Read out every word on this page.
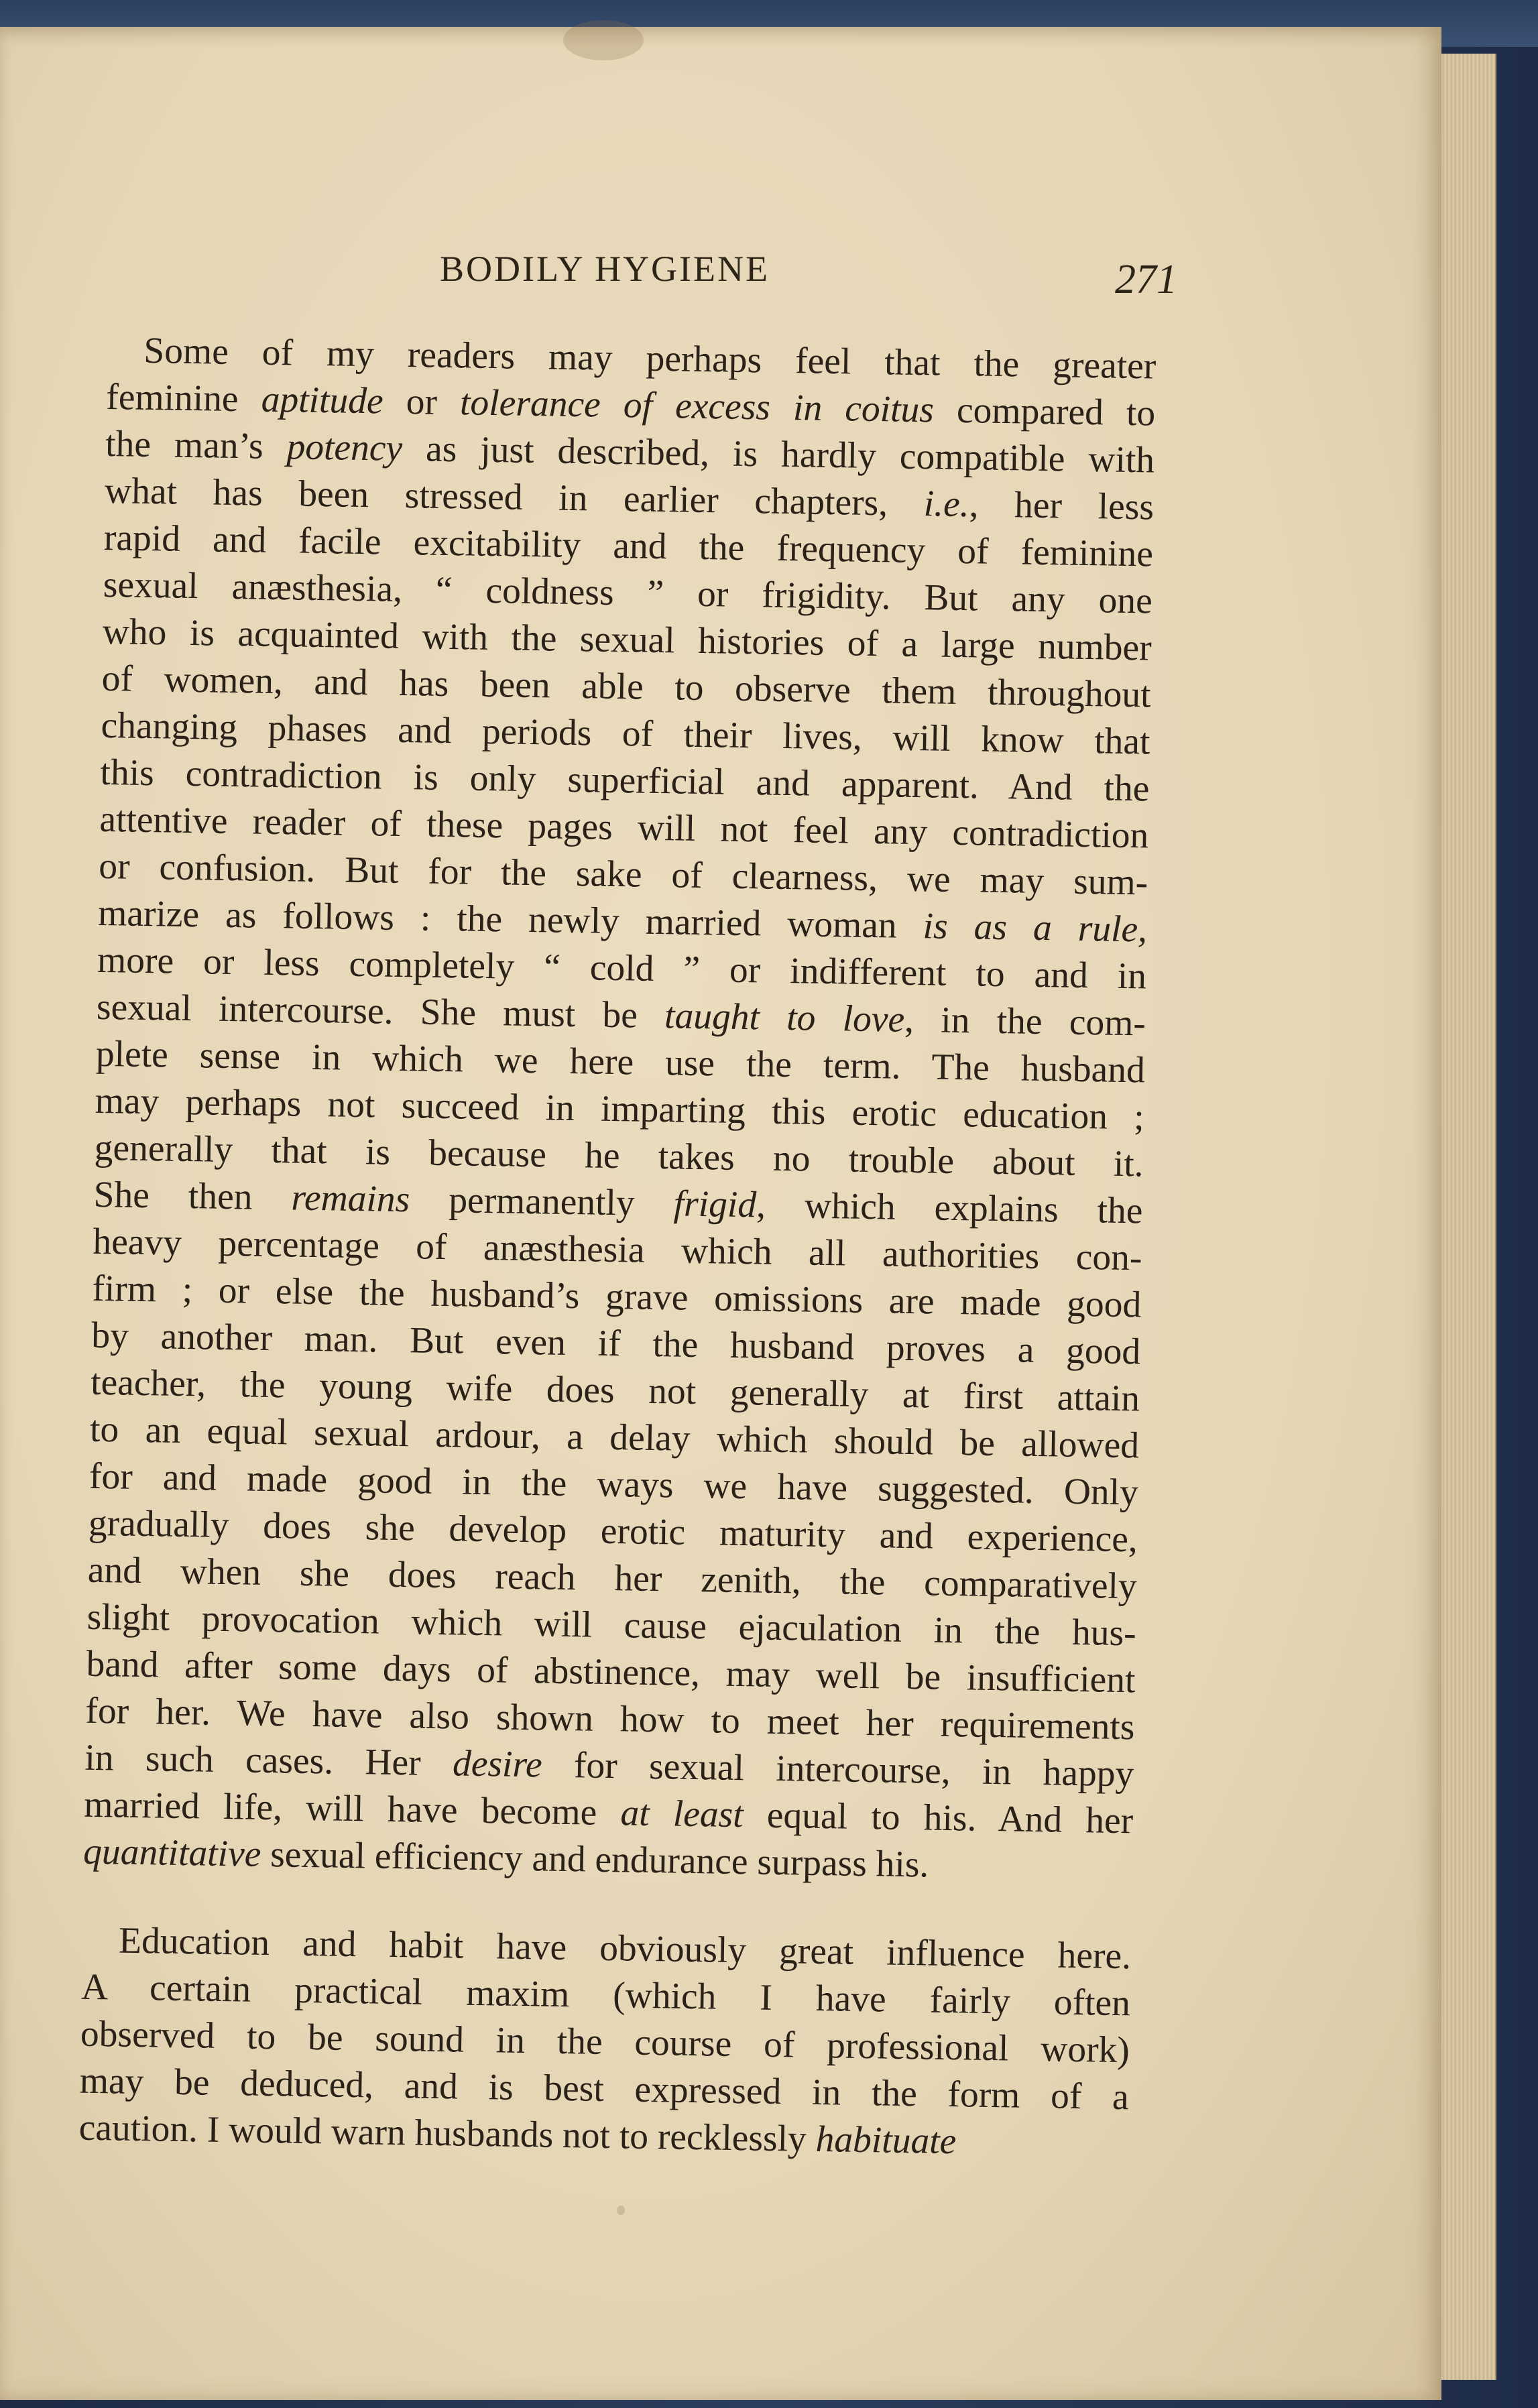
BODILY HYGIENE	271
Some of my readers may perhaps feel that the greater
feminine aptitude or tolerance of excess in coitus compared to
the man’s potency as just described, is hardly compatible with
what has been stressed in earlier chapters, i.e., her less
rapid and facile excitability and the frequency of feminine
sexual anæsthesia, “ coldness ” or frigidity. But any one
who is acquainted with the sexual histories of a large number
of women, and has been able to observe them throughout
changing phases and periods of their lives, will know that
this contradiction is only superficial and apparent. And the
attentive reader of these pages will not feel any contradiction
or confusion. But for the sake of clearness, we may sum-
marize as follows : the newly married woman is as a rule,
more or less completely “ cold ” or indifferent to and in
sexual intercourse. She must be taught to love, in the com-
plete sense in which we here use the term. The husband
may perhaps not succeed in imparting this erotic education ;
generally that is because he takes no trouble about it.
She then remains permanently frigid, which explains the
heavy percentage of anæsthesia which all authorities con-
firm ; or else the husband’s grave omissions are made good
by another man. But even if the husband proves a good
teacher, the young wife does not generally at first attain
to an equal sexual ardour, a delay which should be allowed
for and made good in the ways we have suggested. Only
gradually does she develop erotic maturity and experience,
and when she does reach her zenith, the comparatively
slight provocation which will cause ejaculation in the hus-
band after some days of abstinence, may well be insufficient
for her. We have also shown how to meet her requirements
in such cases. Her desire for sexual intercourse, in happy
married life, will have become at least equal to his. And her
quantitative sexual efficiency and endurance surpass his.
Education and habit have obviously great influence here.
A certain practical maxim (which I have fairly often
observed to be sound in the course of professional work)
may be deduced, and is best expressed in the form of a
caution. I would warn husbands not to recklessly habituate
